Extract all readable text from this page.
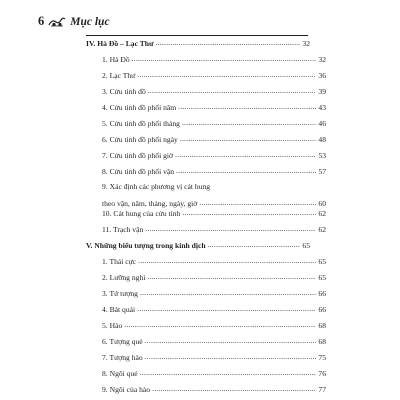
6 Mục lục
IV. Hà Đồ – Lạc Thư .....	32
1. Hà Đồ .....	32
2. Lạc Thư .....	36
3. Cửu tinh đồ .....	39
4. Cửu tinh đồ phối năm .....	43
5. Cửu tinh đồ phối tháng .....	46
6. Cửu tinh đồ phối ngày .....	48
7. Cửu tinh đồ phối giờ .....	53
8. Cửu tinh đồ phối vận .....	57
9. Xác định các phương vị cát hung
theo vận, năm, tháng, ngày, giờ .....	60
10. Cát hung của cửu tinh .....	62
11. Trạch vận .....	62
V. Những biểu tượng trong kinh dịch .....	65
1. Thái cực .....	65
2. Lưỡng nghi .....	65
3. Tứ tượng .....	66
4. Bát quái .....	66
5. Hào .....	68
6. Tượng quẻ .....	68
7. Tượng hào .....	75
8. Ngôi quẻ .....	76
9. Ngôi của hào .....	77
